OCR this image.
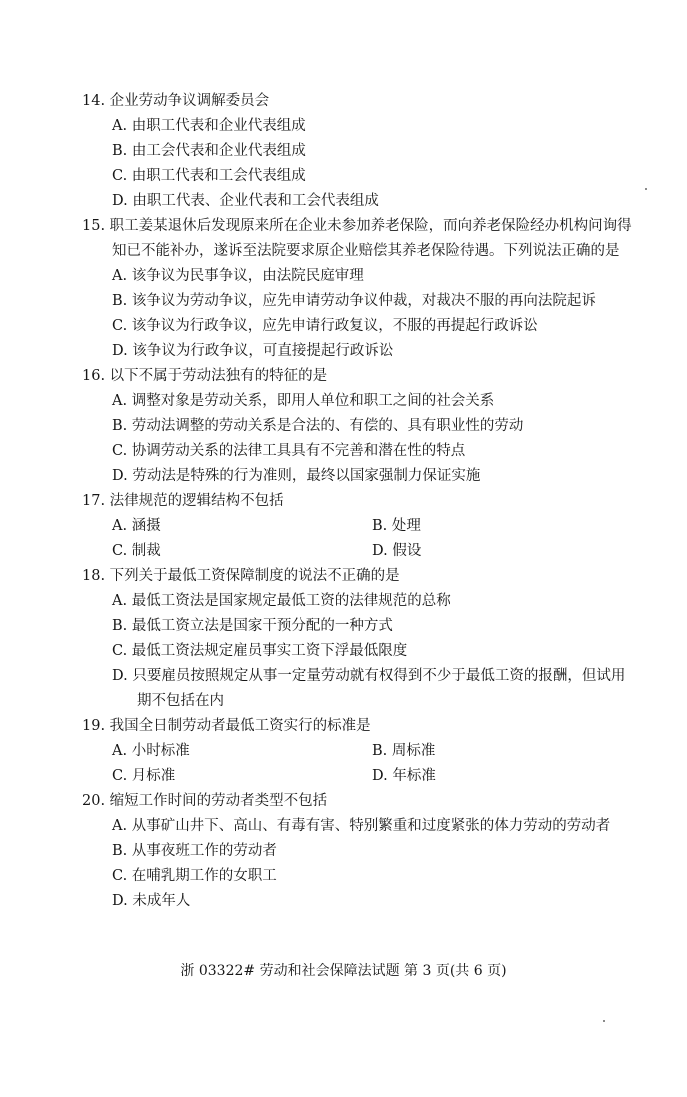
14. 企业劳动争议调解委员会
A. 由职工代表和企业代表组成
B. 由工会代表和企业代表组成
C. 由职工代表和工会代表组成
D. 由职工代表、企业代表和工会代表组成
15. 职工姜某退休后发现原来所在企业未参加养老保险，而向养老保险经办机构问询得
知已不能补办，遂诉至法院要求原企业赔偿其养老保险待遇。下列说法正确的是
A. 该争议为民事争议，由法院民庭审理
B. 该争议为劳动争议，应先申请劳动争议仲裁，对裁决不服的再向法院起诉
C. 该争议为行政争议，应先申请行政复议，不服的再提起行政诉讼
D. 该争议为行政争议，可直接提起行政诉讼
16. 以下不属于劳动法独有的特征的是
A. 调整对象是劳动关系，即用人单位和职工之间的社会关系
B. 劳动法调整的劳动关系是合法的、有偿的、具有职业性的劳动
C. 协调劳动关系的法律工具具有不完善和潜在性的特点
D. 劳动法是特殊的行为准则，最终以国家强制力保证实施
17. 法律规范的逻辑结构不包括
A. 涵摄	B. 处理
C. 制裁	D. 假设
18. 下列关于最低工资保障制度的说法不正确的是
A. 最低工资法是国家规定最低工资的法律规范的总称
B. 最低工资立法是国家干预分配的一种方式
C. 最低工资法规定雇员事实工资下浮最低限度
D. 只要雇员按照规定从事一定量劳动就有权得到不少于最低工资的报酬，但试用
期不包括在内
19. 我国全日制劳动者最低工资实行的标准是
A. 小时标准	B. 周标准
C. 月标准	D. 年标准
20. 缩短工作时间的劳动者类型不包括
A. 从事矿山井下、高山、有毒有害、特别繁重和过度紧张的体力劳动的劳动者
B. 从事夜班工作的劳动者
C. 在哺乳期工作的女职工
D. 未成年人
浙 03322# 劳动和社会保障法试题 第 3 页(共 6 页)
